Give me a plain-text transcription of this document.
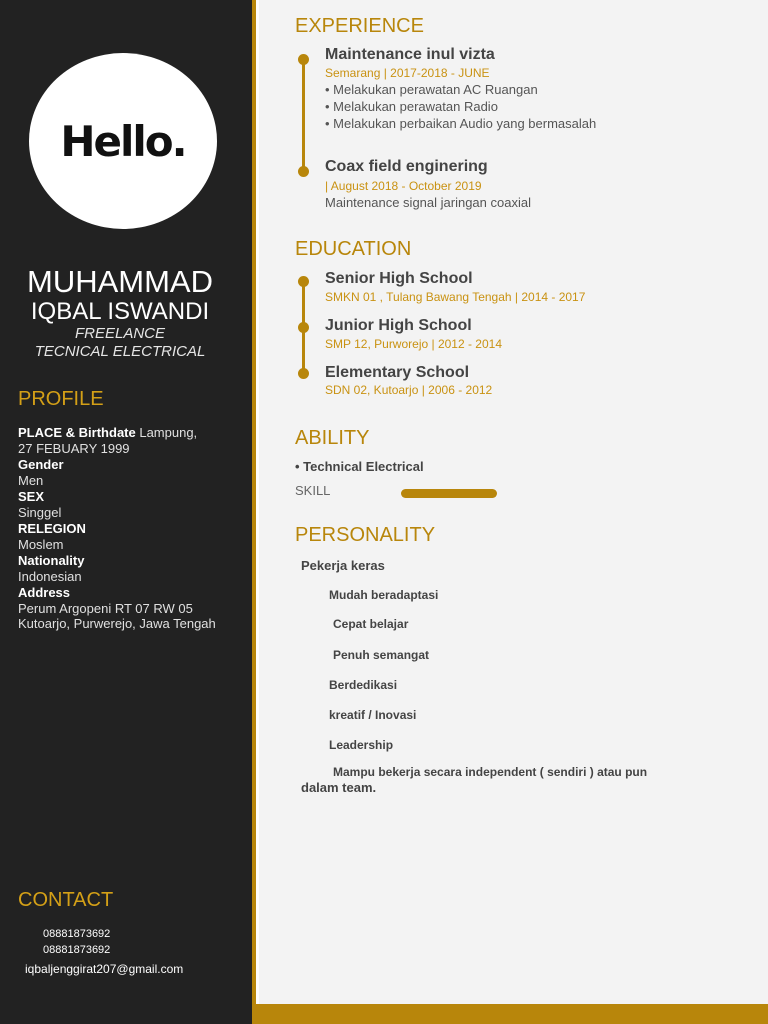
Hello.
MUHAMMAD
IQBAL ISWANDI
FREELANCE
TECNICAL ELECTRICAL
PROFILE
PLACE & Birthdate Lampung,
27 FEBUARY 1999
Gender
Men
SEX
Singgel
RELEGION
Moslem
Nationality
Indonesian
Address
Perum Argopeni RT 07 RW 05 Kutoarjo, Purwerejo, Jawa Tengah
CONTACT
08881873692
08881873692
iqbaljenggirat207@gmail.com
EXPERIENCE
Maintenance inul vizta
Semarang | 2017-2018 - JUNE
• Melakukan perawatan AC Ruangan
• Melakukan perawatan Radio
• Melakukan perbaikan Audio yang bermasalah
Coax field enginering
| August 2018 - October 2019
Maintenance signal jaringan coaxial
EDUCATION
Senior High School
SMKN 01 , Tulang Bawang Tengah | 2014 - 2017
Junior High School
SMP 12, Purworejo | 2012 - 2014
Elementary School
SDN 02, Kutoarjo | 2006 - 2012
ABILITY
• Technical Electrical
SKILL
PERSONALITY
Pekerja keras
Mudah beradaptasi
Cepat belajar
Penuh semangat
Berdedikasi
kreatif / Inovasi
Leadership
Mampu bekerja secara independent ( sendiri ) atau pun
dalam team.
